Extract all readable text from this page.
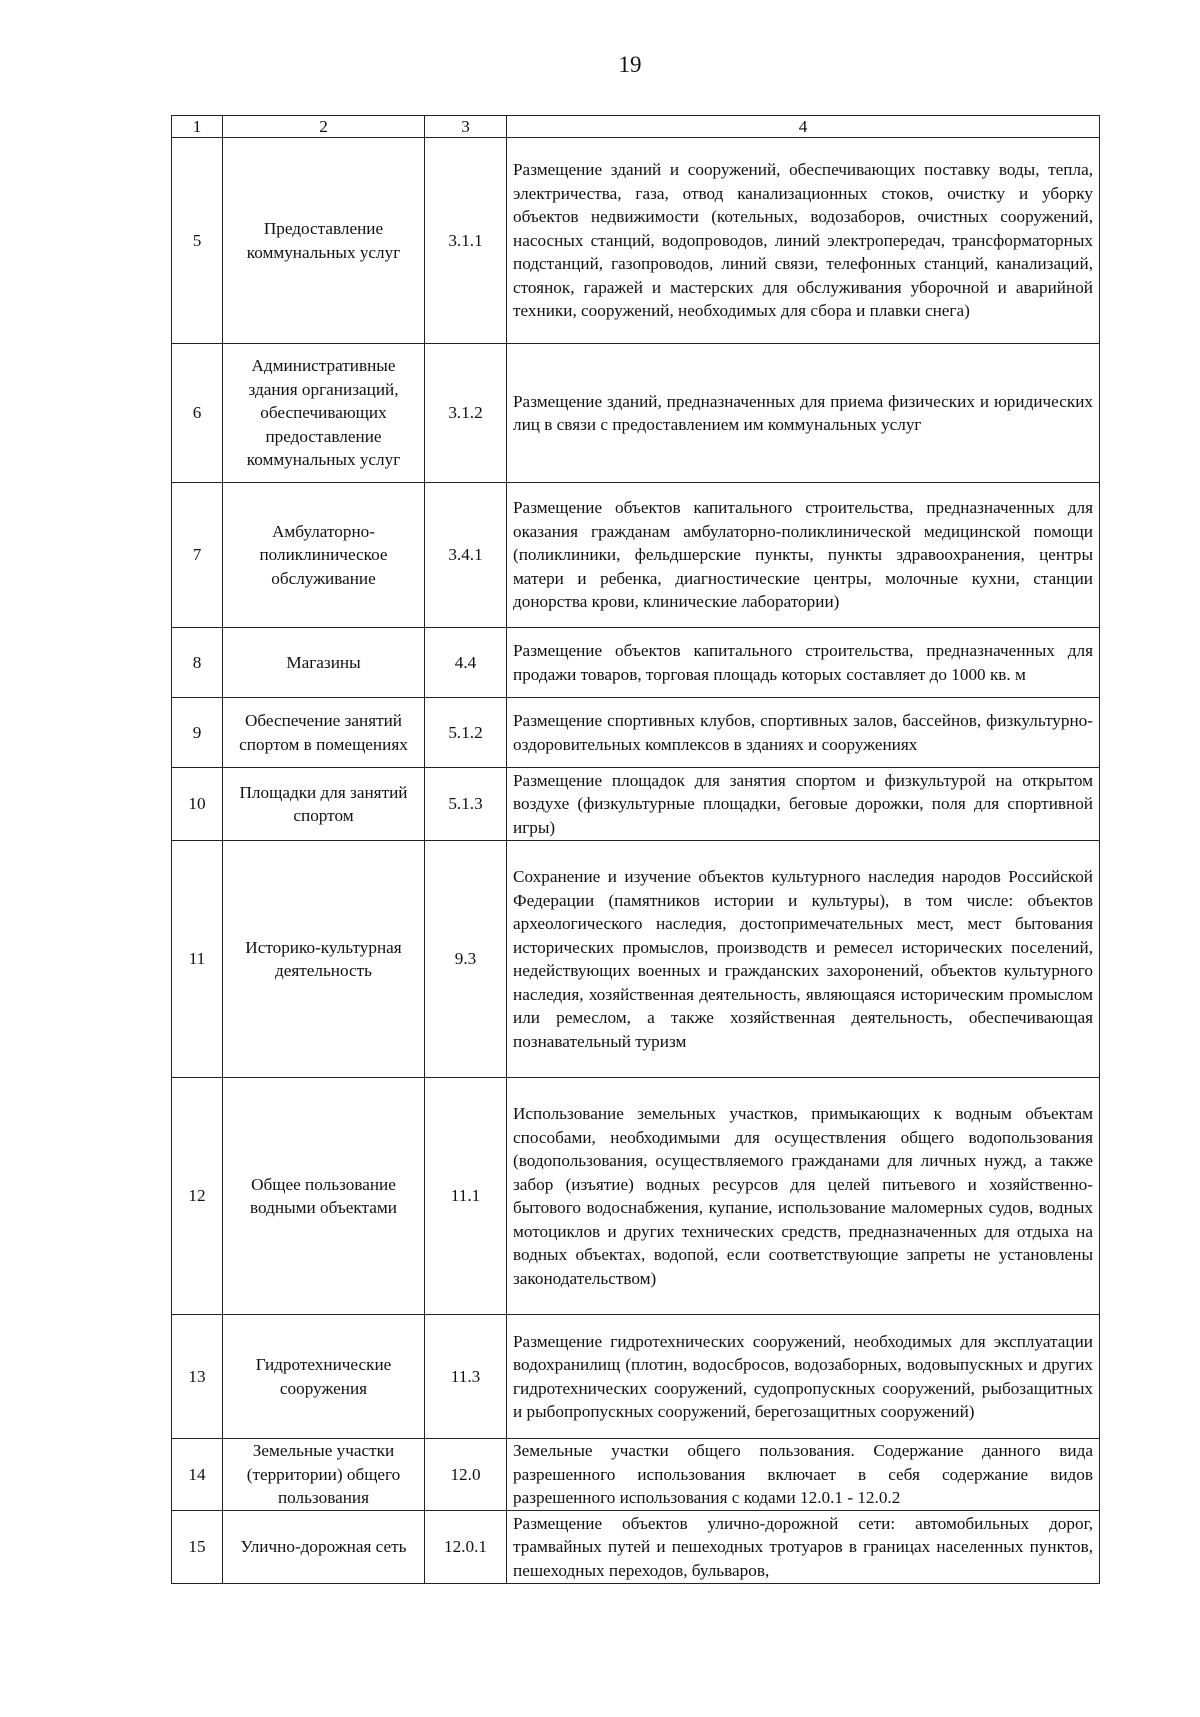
19
1	2	3	4
5	Предоставление коммунальных услуг	3.1.1	Размещение зданий и сооружений, обеспечивающих поставку воды, тепла, электричества, газа, отвод канализационных стоков, очистку и уборку объектов недвижимости (котельных, водозаборов, очистных сооружений, насосных станций, водопроводов, линий электропередач, трансформаторных подстанций, газопроводов, линий связи, телефонных станций, канализаций, стоянок, гаражей и мастерских для обслуживания уборочной и аварийной техники, сооружений, необходимых для сбора и плавки снега)
6	Административные здания организаций, обеспечивающих предоставление коммунальных услуг	3.1.2	Размещение зданий, предназначенных для приема физических и юридических лиц в связи с предоставлением им коммунальных услуг
7	Амбулаторно-поликлиническое обслуживание	3.4.1	Размещение объектов капитального строительства, предназначенных для оказания гражданам амбулаторно-поликлинической медицинской помощи (поликлиники, фельдшерские пункты, пункты здравоохранения, центры матери и ребенка, диагностические центры, молочные кухни, станции донорства крови, клинические лаборатории)
8	Магазины	4.4	Размещение объектов капитального строительства, предназначенных для продажи товаров, торговая площадь которых составляет до 1000 кв. м
9	Обеспечение занятий спортом в помещениях	5.1.2	Размещение спортивных клубов, спортивных залов, бассейнов, физкультурно-оздоровительных комплексов в зданиях и сооружениях
10	Площадки для занятий спортом	5.1.3	Размещение площадок для занятия спортом и физкультурой на открытом воздухе (физкультурные площадки, беговые дорожки, поля для спортивной игры)
11	Историко-культурная деятельность	9.3	Сохранение и изучение объектов культурного наследия народов Российской Федерации (памятников истории и культуры), в том числе: объектов археологического наследия, достопримечательных мест, мест бытования исторических промыслов, производств и ремесел исторических поселений, недействующих военных и гражданских захоронений, объектов культурного наследия, хозяйственная деятельность, являющаяся историческим промыслом или ремеслом, а также хозяйственная деятельность, обеспечивающая познавательный туризм
12	Общее пользование водными объектами	11.1	Использование земельных участков, примыкающих к водным объектам способами, необходимыми для осуществления общего водопользования (водопользования, осуществляемого гражданами для личных нужд, а также забор (изъятие) водных ресурсов для целей питьевого и хозяйственно-бытового водоснабжения, купание, использование маломерных судов, водных мотоциклов и других технических средств, предназначенных для отдыха на водных объектах, водопой, если соответствующие запреты не установлены законодательством)
13	Гидротехнические сооружения	11.3	Размещение гидротехнических сооружений, необходимых для эксплуатации водохранилищ (плотин, водосбросов, водозаборных, водовыпускных и других гидротехнических сооружений, судопропускных сооружений, рыбозащитных и рыбопропускных сооружений, берегозащитных сооружений)
14	Земельные участки (территории) общего пользования	12.0	Земельные участки общего пользования. Содержание данного вида разрешенного использования включает в себя содержание видов разрешенного использования с кодами 12.0.1 - 12.0.2
15	Улично-дорожная сеть	12.0.1	Размещение объектов улично-дорожной сети: автомобильных дорог, трамвайных путей и пешеходных тротуаров в границах населенных пунктов, пешеходных переходов, бульваров,
